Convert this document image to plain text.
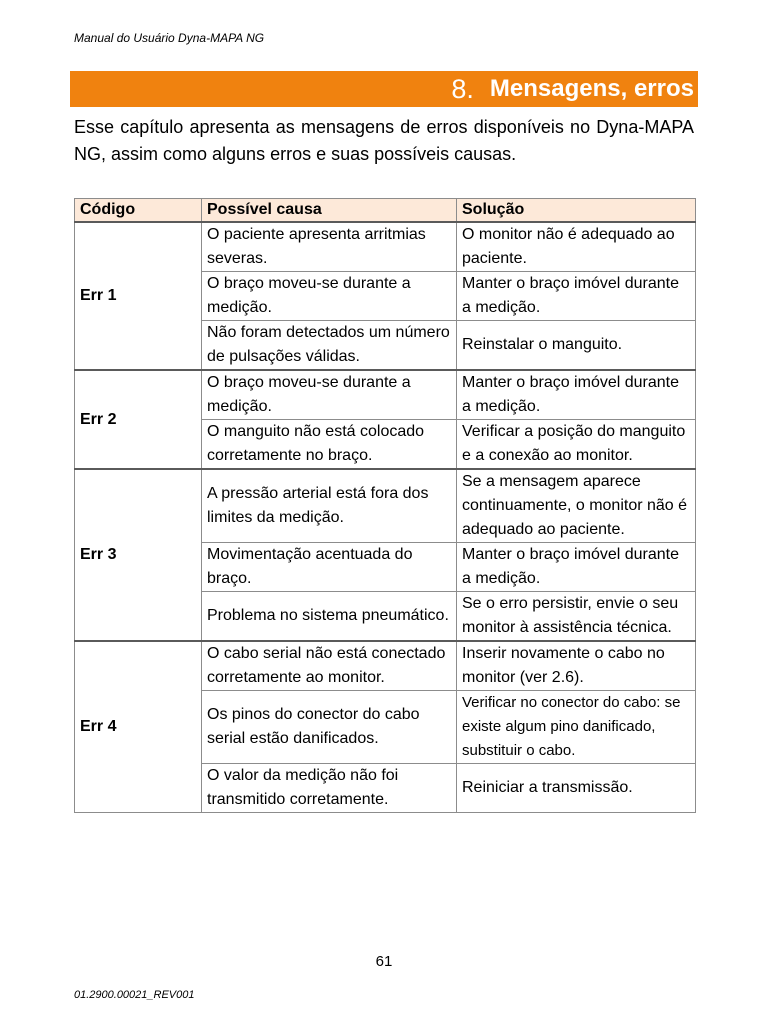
Manual do Usuário Dyna-MAPA NG
8. Mensagens, erros
Esse capítulo apresenta as mensagens de erros disponíveis no Dyna-MAPA NG, assim como alguns erros e suas possíveis causas.
Código	Possível causa	Solução
Err 1	O paciente apresenta arritmias severas.	O monitor não é adequado ao paciente.
	O braço moveu-se durante a medição.	Manter o braço imóvel durante a medição.
	Não foram detectados um número de pulsações válidas.	Reinstalar o manguito.
Err 2	O braço moveu-se durante a medição.	Manter o braço imóvel durante a medição.
	O manguito não está colocado corretamente no braço.	Verificar a posição do manguito e a conexão ao monitor.
Err 3	A pressão arterial está fora dos limites da medição.	Se a mensagem aparece continuamente, o monitor não é adequado ao paciente.
	Movimentação acentuada do braço.	Manter o braço imóvel durante a medição.
	Problema no sistema pneumático.	Se o erro persistir, envie o seu monitor à assistência técnica.
Err 4	O cabo serial não está conectado corretamente ao monitor.	Inserir novamente o cabo no monitor (ver 2.6).
	Os pinos do conector do cabo serial estão danificados.	Verificar no conector do cabo: se existe algum pino danificado, substituir o cabo.
	O valor da medição não foi transmitido corretamente.	Reiniciar a transmissão.
61
01.2900.00021_REV001
